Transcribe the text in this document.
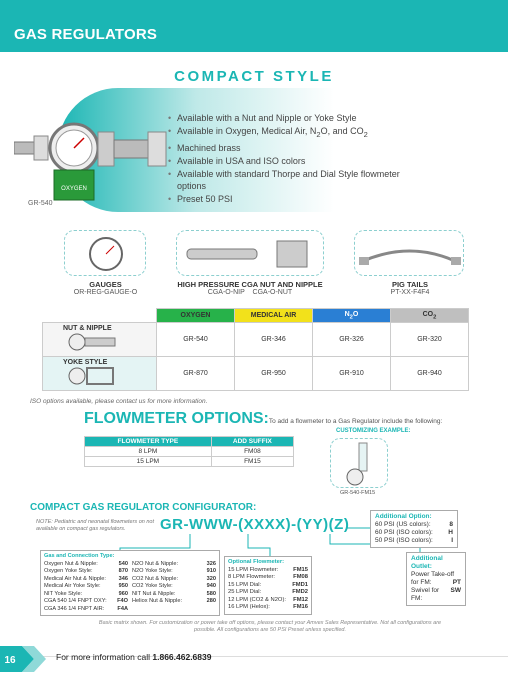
GAS REGULATORS
COMPACT STYLE
OXYGEN
GR-540
• Available with a Nut and Nipple or Yoke Style
• Available in Oxygen, Medical Air, $N_2O$, and $CO_2$
• Machined brass
• Available in USA and ISO colors
• Available with standard Thorpe and Dial Style flowmeter options
• Preset 50 PSI
GAUGES
OR-REG-GAUGE-O
HIGH PRESSURE CGA NUT AND NIPPLE
CGA-O-NIP CGA-O-NUT
PIG TAILS
PT-XX-F4F4
	OXYGEN	MEDICAL AIR	$N_2O$	$CO_2$
NUT & NIPPLE	GR-540	GR-346	GR-326	GR-320
YOKE STYLE	GR-870	GR-950	GR-910	GR-940
ISO options available, please contact us for more information.
FLOWMETER OPTIONS:To add a flowmeter to a Gas Regulator include the following:
FLOWMETER TYPE	ADD SUFFIX
8 LPM	FM08
15 LPM	FM15
CUSTOMIZING EXAMPLE:
GR-540-FM15
COMPACT GAS REGULATOR CONFIGURATOR:
NOTE: Pediatric and neonatal flowmeters on not available on compact gas regulators.	GR-WWW-(XXXX)-(YY)(Z)	Additional Option:
60 PSI (US colors):	8
60 PSI (ISO colors): H
50 PSI (ISO colors):	I
Additional Outlet:
Power Take-off
for FM:	PT
Swivel for FM:
SW
Gas and Connection Type:
Oxygen Nut & Nipple:	540
Oxygen Yoke Style:	870
Medical Air Nut & Nipple: 346
Medical Air Yoke Style:	950
NIT Yoke Style:	960
CGA 540 1/4 FNPT OXY: F4O
CGA 346 1/4 FNPT AIR: F4A
N2O Nut & Nipple:	326
N2O Yoke Style:	910
CO2 Nut & Nipple:	320
CO2 Yoke Style:	940
NIT Nut & Nipple:	580
Heliox Nut & Nipple:	280
Optional Flowmeter:
15 LPM Flowmeter:	FM15
8 LPM Flowmeter:	FM08
15 LPM Dial:	FMD1
25 LPM Dial:	FMD2
12 LPM (CO2 & N2O): FM12
16 LPM (Helox):	FM16
Basic matrix shown. For customization or power take off options, please contact your Amvex Sales Representative. Not all configurations are possible. All configurations are 50 PSI Preset unless specified.
16	For more information call 1.866.462.6839
